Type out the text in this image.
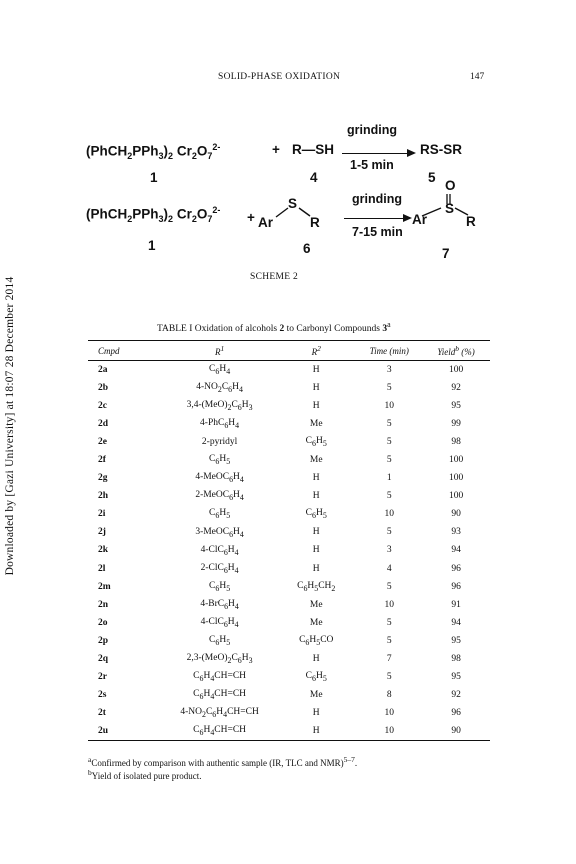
Downloaded by [Gazi University] at 18:07 28 December 2014
SOLID-PHASE OXIDATION	147
$(PhCH_2PPh_3)_2$ $Cr_2O_7^{2-}$	+ R—SH
1	4
grinding
1-5 min
RS-SR
5
$(PhCH_2PPh_3)_2$ $Cr_2O_7^{2-}$
1
+ Ar
S
R
6
grinding
7-15 min
O
Ar
S
R
7
SCHEME 2
TABLE I Oxidation of alcohols 2 to Carbonyl Compounds 3$^a$
Cmpd	$R^1$	$R^2$	Time (min)	Yield$^b$ (%)
2a	$C_6H_4$	H	3	100
2b	$4-NO_2C_6H_4$	H	5	92
2c	$3,4-(MeO)_2C_6H_3$	H	10	95
2d	$4-PhC_6H_4$	Me	5	99
2e	2-pyridyl	$C_6H_5$	5	98
2f	$C_6H_5$	Me	5	100
2g	$4-MeOC_6H_4$	H	1	100
2h	$2-MeOC_6H_4$	H	5	100
2i	$C_6H_5$	$C_6H_5$	10	90
2j	$3-MeOC_6H_4$	H	5	93
2k	$4-ClC_6H_4$	H	3	94
2l	$2-ClC_6H_4$	H	4	96
2m	$C_6H_5$	$C_6H_5CH_2$	5	96
2n	$4-BrC_6H_4$	Me	10	91
2o	$4-ClC_6H_4$	Me	5	94
2p	$C_6H_5$	$C_6H_5CO$	5	95
2q	$2,3-(MeO)_2C_6H_3$	H	7	98
2r	$C_6H_4CH=CH$	$C_6H_5$	5	95
2s	$C_6H_4CH=CH$	Me	8	92
2t	$4-NO_2C_6H_4CH=CH$	H	10	96
2u	$C_6H_4CH=CH$	H	10	90
$^a$Confirmed by comparison with authentic sample (IR, TLC and NMR)$^{5-7}$.
$^b$Yield of isolated pure product.
